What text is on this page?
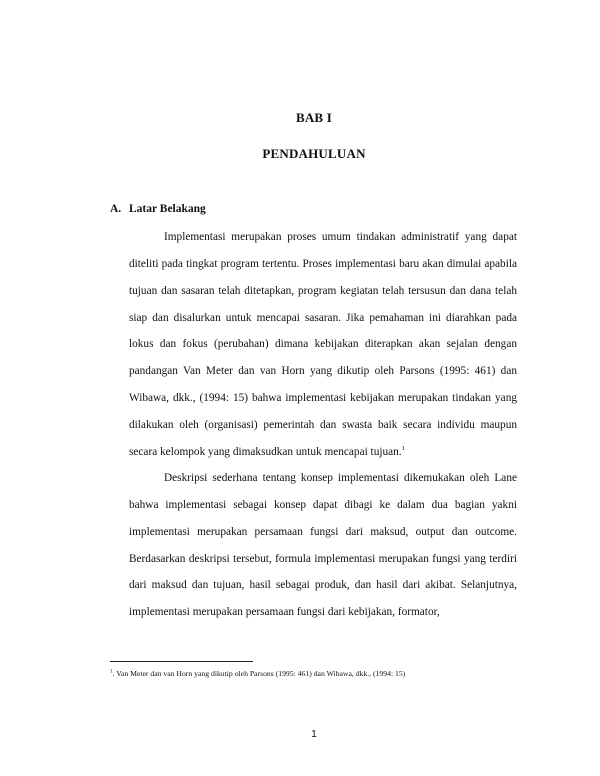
BAB I
PENDAHULUAN
A. Latar Belakang

Implementasi merupakan proses umum tindakan administratif yang dapat diteliti pada tingkat program tertentu. Proses implementasi baru akan dimulai apabila tujuan dan sasaran telah ditetapkan, program kegiatan telah tersusun dan dana telah siap dan disalurkan untuk mencapai sasaran. Jika pemahaman ini diarahkan pada lokus dan fokus (perubahan) dimana kebijakan diterapkan akan sejalan dengan pandangan Van Meter dan van Horn yang dikutip oleh Parsons (1995: 461) dan Wibawa, dkk., (1994: 15) bahwa implementasi kebijakan merupakan tindakan yang dilakukan oleh (organisasi) pemerintah dan swasta baik secara individu maupun secara kelompok yang dimaksudkan untuk mencapai tujuan.$^1$

Deskripsi sederhana tentang konsep implementasi dikemukakan oleh Lane bahwa implementasi sebagai konsep dapat dibagi ke dalam dua bagian yakni implementasi merupakan persamaan fungsi dari maksud, output dan outcome. Berdasarkan deskripsi tersebut, formula implementasi merupakan fungsi yang terdiri dari maksud dan tujuan, hasil sebagai produk, dan hasil dari akibat. Selanjutnya, implementasi merupakan persamaan fungsi dari kebijakan, formator,

$^1$. Van Meter dan van Horn yang dikutip oleh Parsons (1995: 461) dan Wibawa, dkk., (1994: 15)
1
